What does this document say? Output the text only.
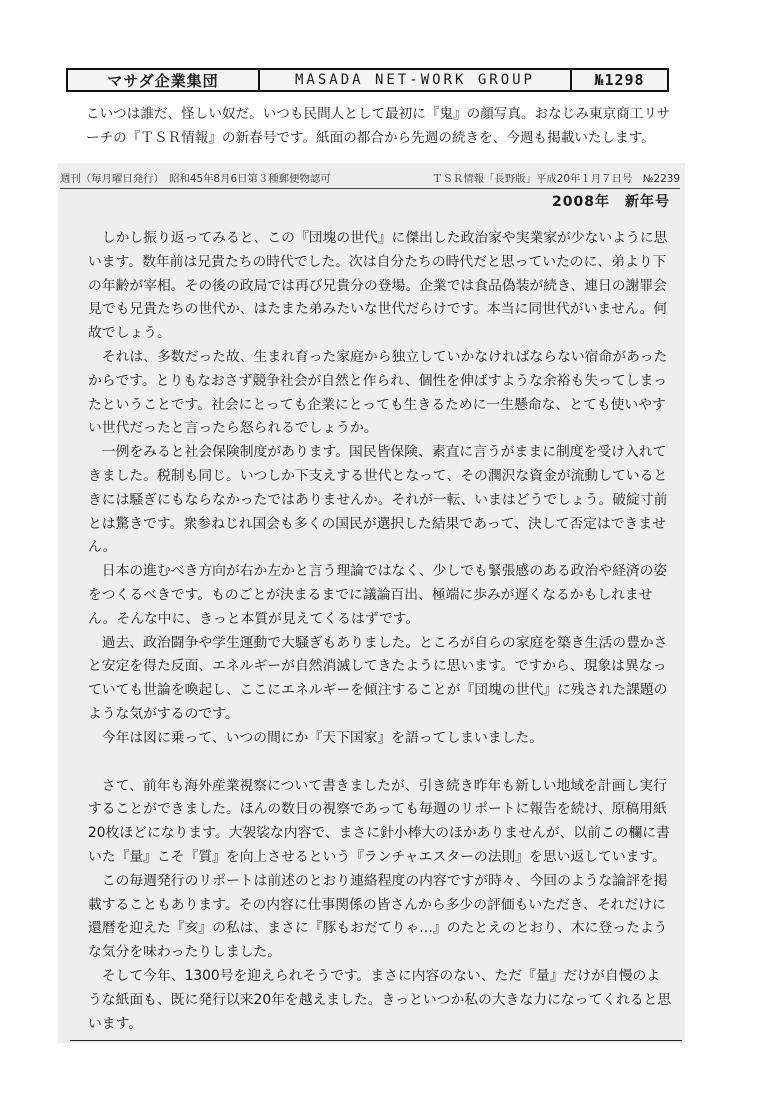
マサダ企業集団	MASADA NET-WORK GROUP	№1298

こいつは誰だ、怪しい奴だ。いつも民間人として最初に『鬼』の顔写真。おなじみ東京商工リサーチの『ＴＳＲ情報』の新春号です。紙面の都合から先週の続きを、今週も掲載いたします。

週刊（毎月曜日発行）　昭和45年8月6日第３種郵便物認可	ＴＳＲ情報「長野版」平成20年１月７日号　№2239
2008年　新年号

しかし振り返ってみると、この『団塊の世代』に傑出した政治家や実業家が少ないように思います。数年前は兄貴たちの時代でした。次は自分たちの時代だと思っていたのに、弟より下の年齢が宰相。その後の政局では再び兄貴分の登場。企業では食品偽装が続き、連日の謝罪会見でも兄貴たちの世代か、はたまた弟みたいな世代だらけです。本当に同世代がいません。何故でしょう。

それは、多数だった故、生まれ育った家庭から独立していかなければならない宿命があったからです。とりもなおさず競争社会が自然と作られ、個性を伸ばすような余裕も失ってしまったということです。社会にとっても企業にとっても生きるために一生懸命な、とても使いやすい世代だったと言ったら怒られるでしょうか。

一例をみると社会保険制度があります。国民皆保険、素直に言うがままに制度を受け入れてきました。税制も同じ。いつしか下支えする世代となって、その潤沢な資金が流動しているときには騒ぎにもならなかったではありませんか。それが一転、いまはどうでしょう。破綻寸前とは驚きです。衆参ねじれ国会も多くの国民が選択した結果であって、決して否定はできません。

日本の進むべき方向が右か左かと言う理論ではなく、少しでも緊張感のある政治や経済の姿をつくるべきです。ものごとが決まるまでに議論百出、極端に歩みが遅くなるかもしれません。そんな中に、きっと本質が見えてくるはずです。

過去、政治闘争や学生運動で大騒ぎもありました。ところが自らの家庭を築き生活の豊かさと安定を得た反面、エネルギーが自然消滅してきたように思います。ですから、現象は異なっていても世論を喚起し、ここにエネルギーを傾注することが『団塊の世代』に残された課題のような気がするのです。

今年は図に乗って、いつの間にか『天下国家』を語ってしまいました。

さて、前年も海外産業視察について書きましたが、引き続き昨年も新しい地域を計画し実行することができました。ほんの数日の視察であっても毎週のリポートに報告を続け、原稿用紙20枚ほどになります。大袈裟な内容で、まさに針小棒大のほかありませんが、以前この欄に書いた『量』こそ『質』を向上させるという『ランチャエスターの法則』を思い返しています。

この毎週発行のリポートは前述のとおり連絡程度の内容ですが時々、今回のような論評を掲載することもあります。その内容に仕事関係の皆さんから多少の評価もいただき、それだけに還暦を迎えた『亥』の私は、まさに『豚もおだてりゃ…』のたとえのとおり、木に登ったような気分を味わったりしました。

そして今年、1300号を迎えられそうです。まさに内容のない、ただ『量』だけが自慢のような紙面も、既に発行以来20年を越えました。きっといつか私の大きな力になってくれると思います。
